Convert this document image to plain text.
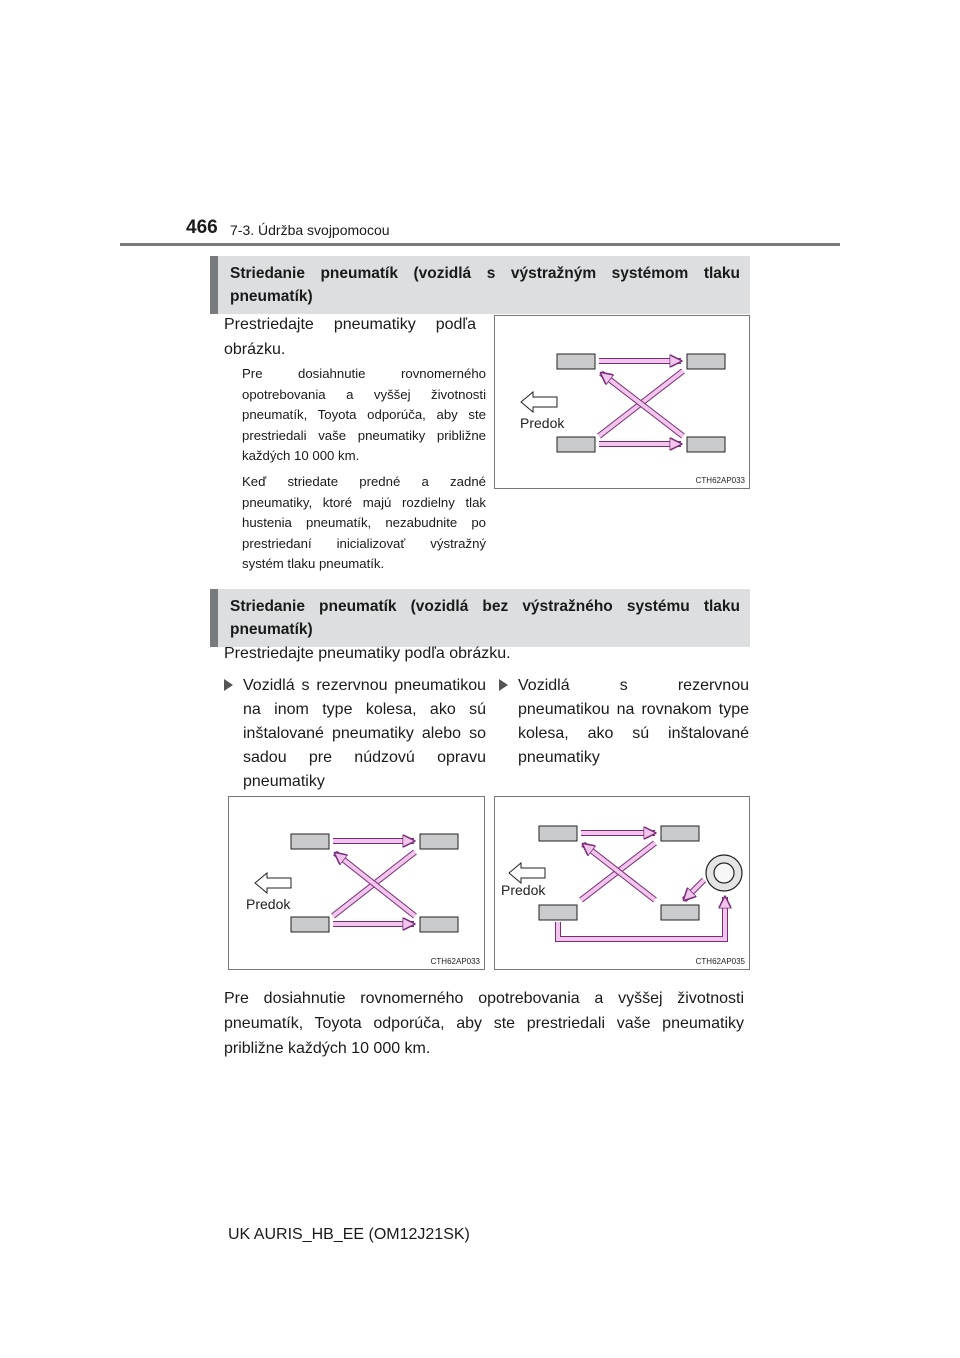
466 7-3. Údržba svojpomocou
Striedanie pneumatík (vozidlá s výstražným systémom tlaku pneumatík)
Prestriedajte pneumatiky podľa obrázku.
Pre dosiahnutie rovnomerného opotrebovania a vyššej životnosti pneumatík, Toyota odporúča, aby ste prestriedali vaše pneumatiky približne každých 10 000 km.
Keď striedate predné a zadné pneumatiky, ktoré majú rozdielny tlak hustenia pneumatík, nezabudnite po prestriedaní inicializovať výstražný systém tlaku pneumatík.
Predok
CTH62AP033
Striedanie pneumatík (vozidlá bez výstražného systému tlaku pneumatík)
Prestriedajte pneumatiky podľa obrázku.
Vozidlá s rezervnou pneumatikou na inom type kolesa, ako sú inštalované pneumatiky alebo so sadou pre núdzovú opravu pneumatiky
Vozidlá s rezervnou pneumatikou na rovnakom type kolesa, ako sú inštalované pneumatiky
Predok
CTH62AP033
Predok
CTH62AP035
Pre dosiahnutie rovnomerného opotrebovania a vyššej životnosti pneumatík, Toyota odporúča, aby ste prestriedali vaše pneumatiky približne každých 10 000 km.
UK AURIS_HB_EE (OM12J21SK)
